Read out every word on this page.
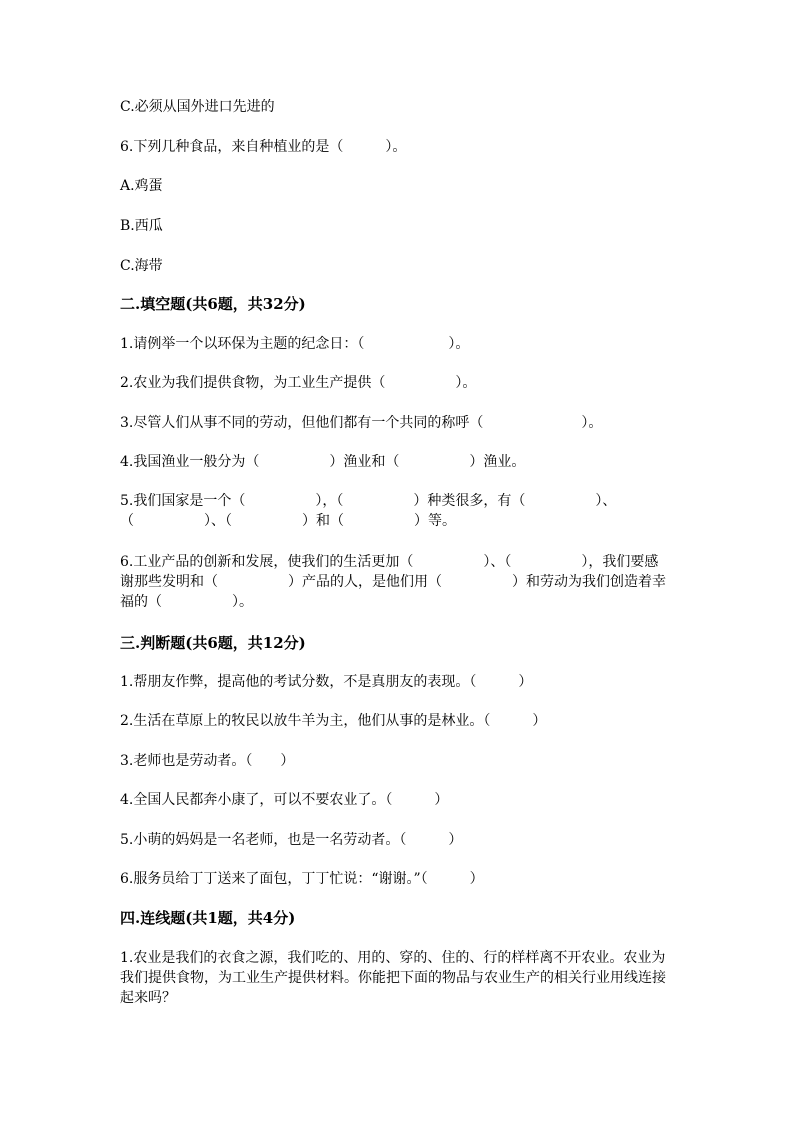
C.必须从国外进口先进的
6.下列几种食品，来自种植业的是（　　　）。
A.鸡蛋
B.西瓜
C.海带
二.填空题(共6题，共32分)
1.请例举一个以环保为主题的纪念日：（　　　　　　）。
2.农业为我们提供食物，为工业生产提供（　　　　　）。
3.尽管人们从事不同的劳动，但他们都有一个共同的称呼（　　　　　　　）。
4.我国渔业一般分为（　　　　　）渔业和（　　　　　）渔业。
5.我们国家是一个（　　　　　），（　　　　　）种类很多，有（　　　　　）、（　　　　　）、（　　　　　）和（　　　　　）等。
6.工业产品的创新和发展，使我们的生活更加（　　　　　）、（　　　　　），我们要感谢那些发明和（　　　　　）产品的人，是他们用（　　　　　）和劳动为我们创造着幸福的（　　　　　）。
三.判断题(共6题，共12分)
1.帮朋友作弊，提高他的考试分数，不是真朋友的表现。（　　　）
2.生活在草原上的牧民以放牛羊为主，他们从事的是林业。（　　　）
3.老师也是劳动者。（　　）
4.全国人民都奔小康了，可以不要农业了。（　　　）
5.小萌的妈妈是一名老师，也是一名劳动者。（　　　）
6.服务员给丁丁送来了面包，丁丁忙说：“谢谢。”（　　　）
四.连线题(共1题，共4分)
1.农业是我们的衣食之源，我们吃的、用的、穿的、住的、行的样样离不开农业。农业为我们提供食物，为工业生产提供材料。你能把下面的物品与农业生产的相关行业用线连接起来吗？
